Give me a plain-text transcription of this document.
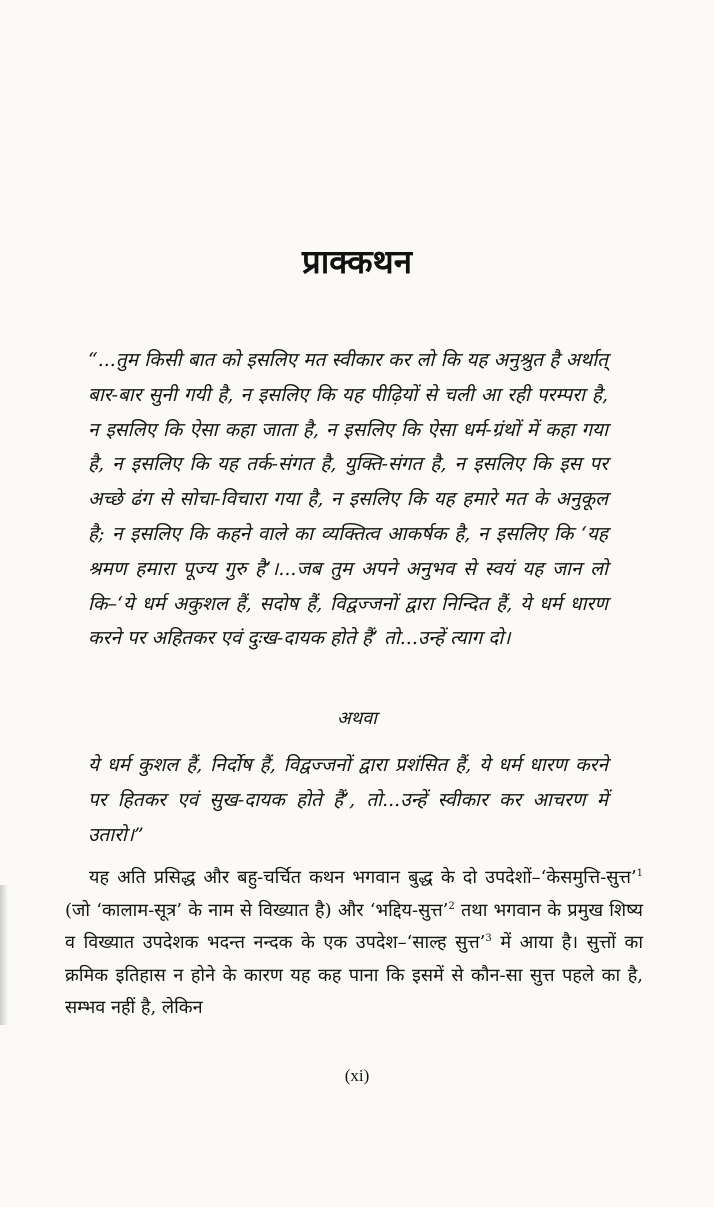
प्राक्कथन

“...तुम किसी बात को इसलिए मत स्वीकार कर लो कि यह अनुश्रुत है अर्थात् बार-बार सुनी गयी है, न इसलिए कि यह पीढ़ियों से चली आ रही परम्परा है, न इसलिए कि ऐसा कहा जाता है, न इसलिए कि ऐसा धर्म-ग्रंथों में कहा गया है, न इसलिए कि यह तर्क-संगत है, युक्ति-संगत है, न इसलिए कि इस पर अच्छे ढंग से सोचा-विचारा गया है, न इसलिए कि यह हमारे मत के अनुकूल है; न इसलिए कि कहने वाले का व्यक्तित्व आकर्षक है, न इसलिए कि ‘यह श्रमण हमारा पूज्य गुरु है’।...जब तुम अपने अनुभव से स्वयं यह जान लो कि–‘ये धर्म अकुशल हैं, सदोष हैं, विद्वज्जनों द्वारा निन्दित हैं, ये धर्म धारण करने पर अहितकर एवं दुःख-दायक होते हैं’ तो...उन्हें त्याग दो।

अथवा

ये धर्म कुशल हैं, निर्दोष हैं, विद्वज्जनों द्वारा प्रशंसित हैं, ये धर्म धारण करने पर हितकर एवं सुख-दायक होते हैं’, तो...उन्हें स्वीकार कर आचरण में उतारो।”

यह अति प्रसिद्ध और बहु-चर्चित कथन भगवान बुद्ध के दो उपदेशों–‘केसमुत्ति-सुत्त’$^1$ (जो ‘कालाम-सूत्र’ के नाम से विख्यात है) और ‘भद्दिय-सुत्त’$^2$ तथा भगवान के प्रमुख शिष्य व विख्यात उपदेशक भदन्त नन्दक के एक उपदेश–‘साल्ह सुत्त’$^3$ में आया है। सुत्तों का क्रमिक इतिहास न होने के कारण यह कह पाना कि इसमें से कौन-सा सुत्त पहले का है, सम्भव नहीं है, लेकिन

(xi)
